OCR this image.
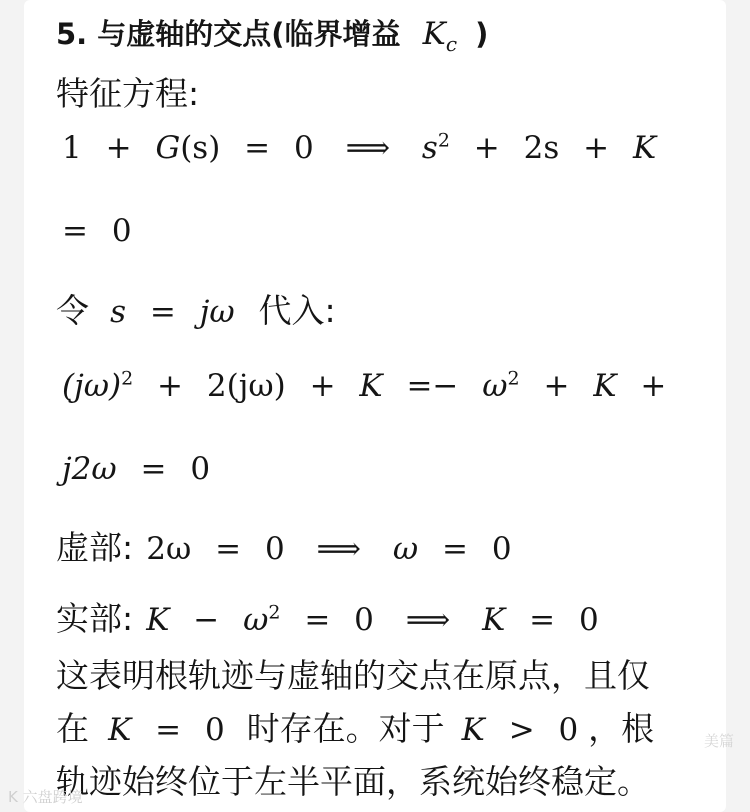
5. 与虚轴的交点(临界增益 $K_c$ )
特征方程:
1 + G(s) = 0 ⟹ $s^2 + 2s + K$
= 0
令 s = jω 代入:
$(j\omega)^2 + 2(j\omega) + K =- \omega^2 + K$ +
j2ω = 0
虚部: 2ω = 0 ⟹ ω = 0
实部: $K - \omega^2 = 0$ ⟹ K = 0
这表明根轨迹与虚轴的交点在原点，且仅
在 K = 0 时存在。对于 K > 0 ，根
轨迹始终位于左半平面，系统始终稳定。
K 六盘跨境
美篇
